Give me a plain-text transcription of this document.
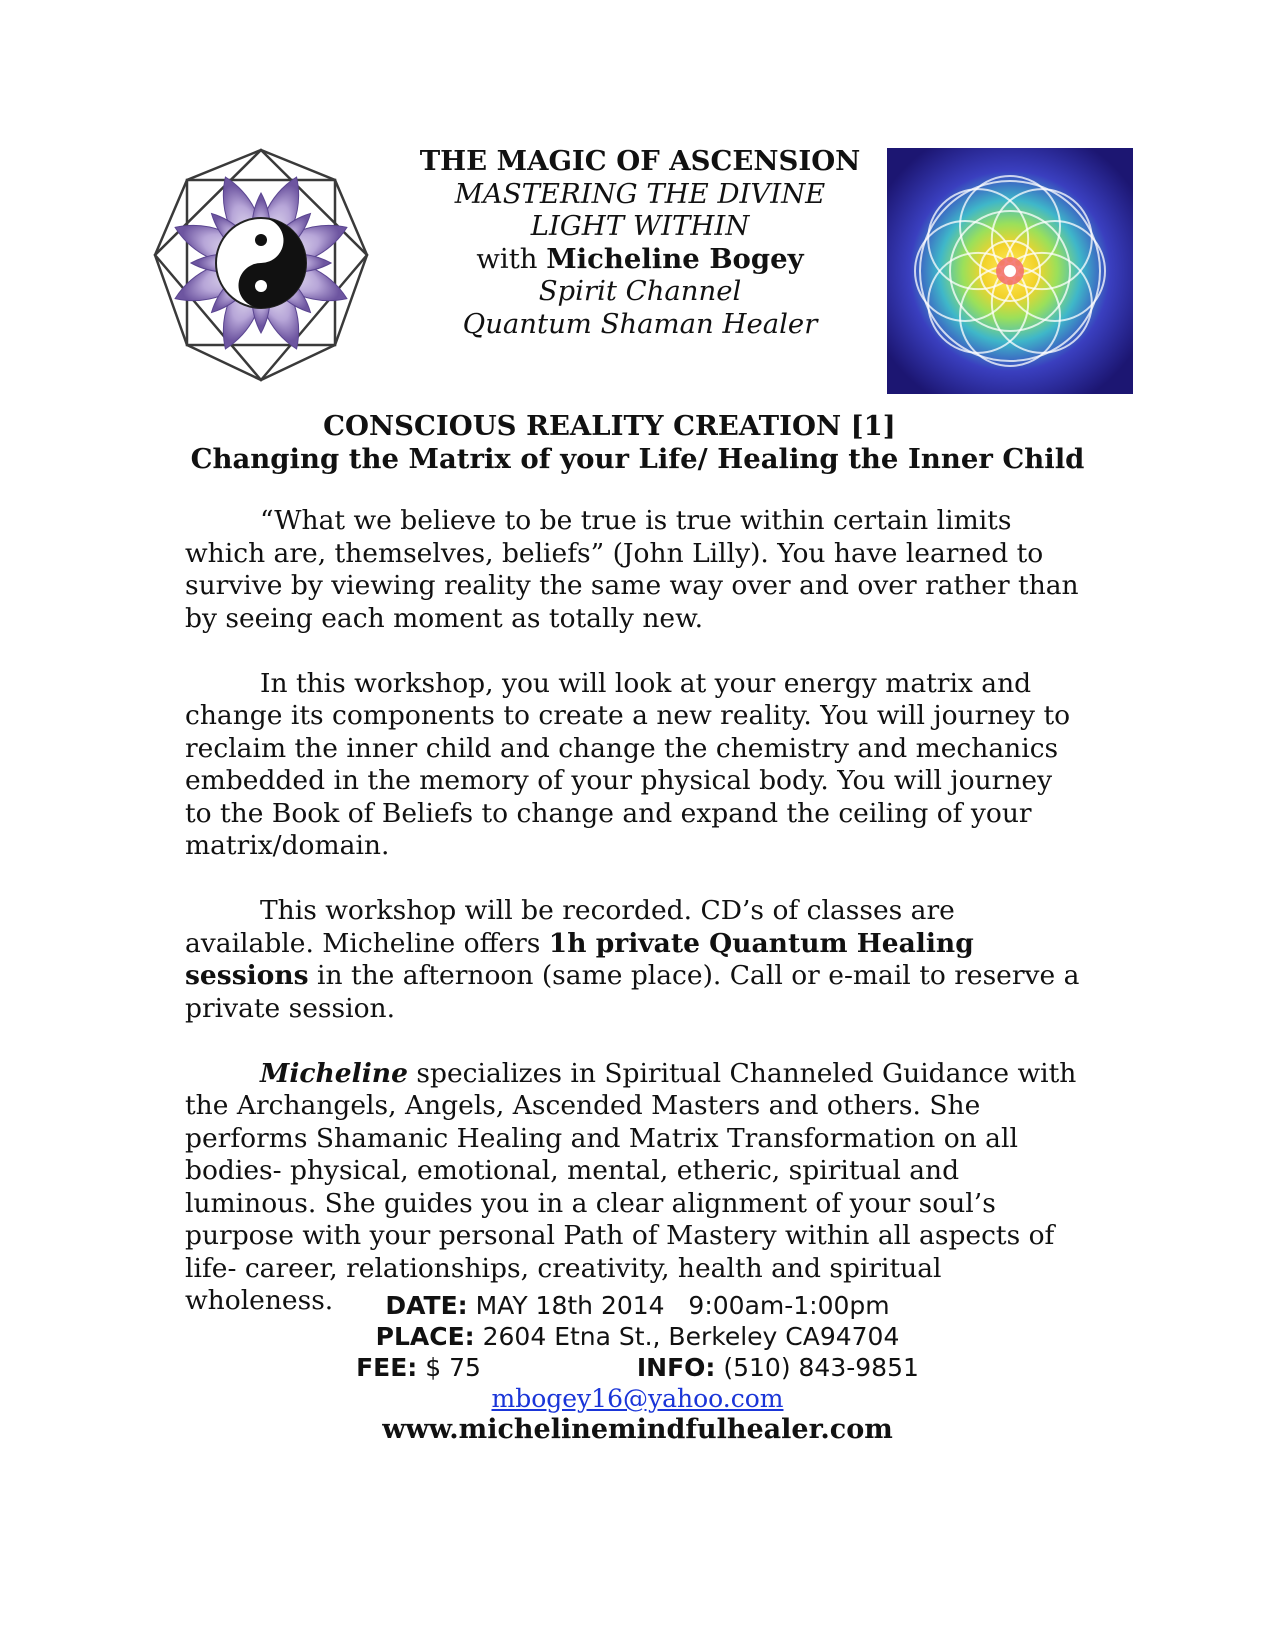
THE MAGIC OF ASCENSION
MASTERING THE DIVINE
LIGHT WITHIN
with Micheline Bogey
Spirit Channel
Quantum Shaman Healer
CONSCIOUS REALITY CREATION [1]
Changing the Matrix of your Life/ Healing the Inner Child

“What we believe to be true is true within certain limits which are, themselves, beliefs” (John Lilly). You have learned to survive by viewing reality the same way over and over rather than by seeing each moment as totally new.

In this workshop, you will look at your energy matrix and change its components to create a new reality. You will journey to reclaim the inner child and change the chemistry and mechanics embedded in the memory of your physical body. You will journey to the Book of Beliefs to change and expand the ceiling of your matrix/domain.

This workshop will be recorded. CD’s of classes are available. Micheline offers 1h private Quantum Healing sessions in the afternoon (same place). Call or e-mail to reserve a private session.

Micheline specializes in Spiritual Channeled Guidance with the Archangels, Angels, Ascended Masters and others. She performs Shamanic Healing and Matrix Transformation on all bodies- physical, emotional, mental, etheric, spiritual and luminous. She guides you in a clear alignment of your soul’s purpose with your personal Path of Mastery within all aspects of life- career, relationships, creativity, health and spiritual wholeness.	DATE: MAY 18th 2014   9:00am-1:00pm
PLACE: 2604 Etna St., Berkeley CA94704
FEE: $ 75	INFO: (510) 843-9851
mbogey16@yahoo.com
www.michelinemindfulhealer.com
